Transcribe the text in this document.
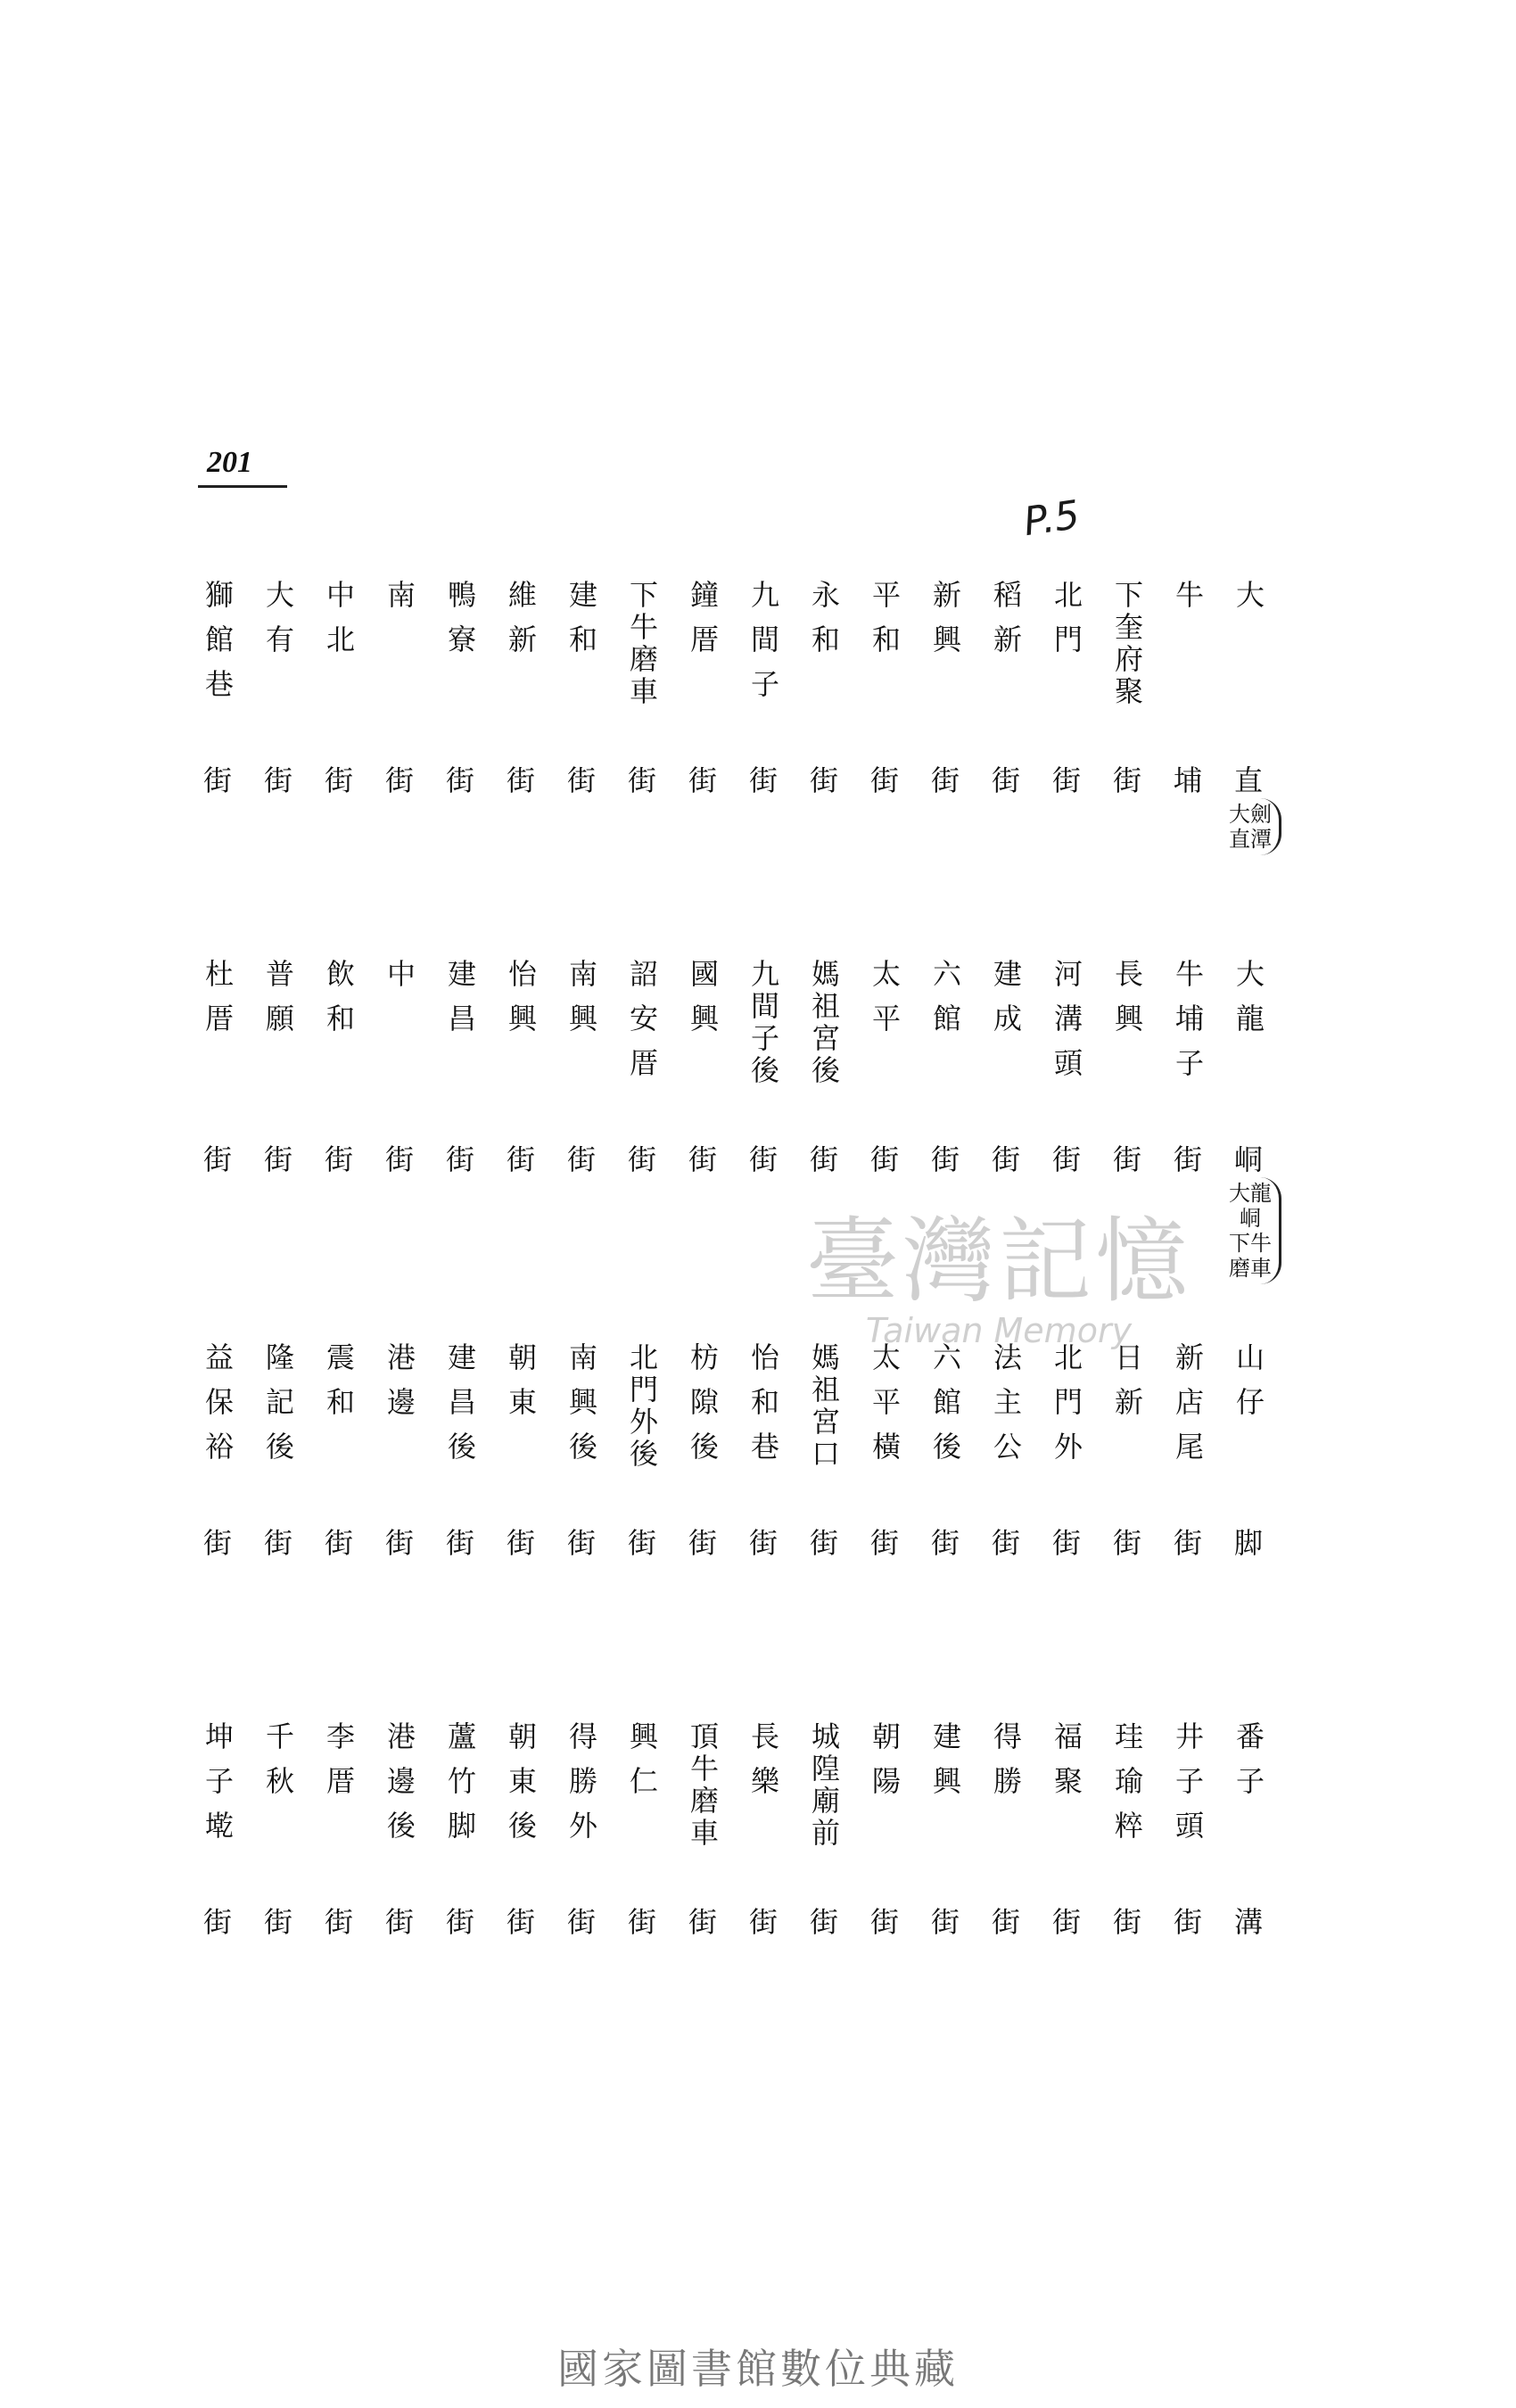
201
P.5
大
直
大劍
直潭
牛
埔
下奎府聚
街
北門
街
稻新
街
新興
街
平和
街
永和
街
九間子
街
鐘厝
街
下牛磨車
街
建和
街
維新
街
鴨寮
街
南
街
中北
街
大有
街
獅館巷
街
大龍
峒
大龍峒
下牛磨車
牛埔子
街
長興
街
河溝頭
街
建成
街
六館
街
太平
街
媽祖宮後
街
九間子後
街
國興
街
詔安厝
街
南興
街
怡興
街
建昌
街
中
街
飲和
街
普願
街
杜厝
街
山仔
脚
新店尾
街
日新
街
北門外
街
法主公
街
六館後
街
太平橫
街
媽祖宮口
街
怡和巷
街
枋隙後
街
北門外後
街
南興後
街
朝東
街
建昌後
街
港邊
街
震和
街
隆記後
街
益保裕
街
番子
溝
井子頭
街
珪瑜粹
街
福聚
街
得勝
街
建興
街
朝陽
街
城隍廟前
街
長樂
街
頂牛磨車
街
興仁
街
得勝外
街
朝東後
街
蘆竹脚
街
港邊後
街
李厝
街
千秋
街
坤子墘
街
臺灣記憶
Taiwan Memory
國家圖書館數位典藏
